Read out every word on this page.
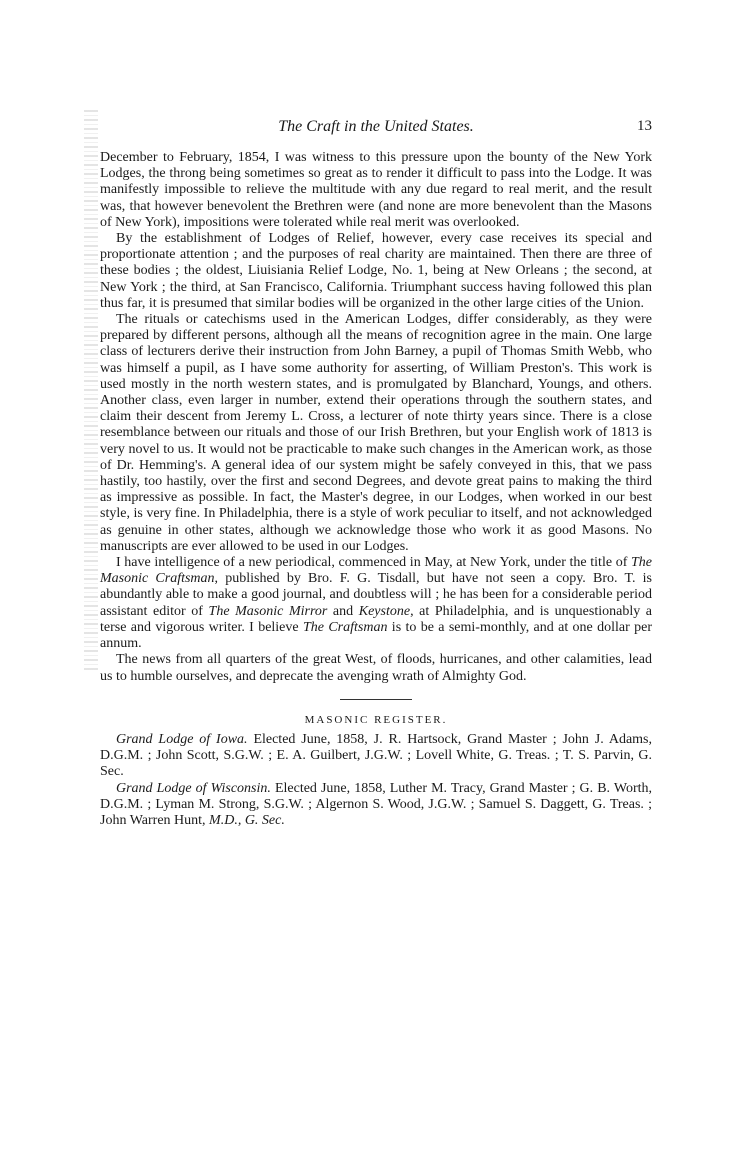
The Craft in the United States.	13

December to February, 1854, I was witness to this pressure upon the bounty of the New York Lodges, the throng being sometimes so great as to render it difficult to pass into the Lodge. It was manifestly impossible to relieve the multitude with any due regard to real merit, and the result was, that however benevolent the Brethren were (and none are more benevolent than the Masons of New York), impositions were tolerated while real merit was overlooked.

By the establishment of Lodges of Relief, however, every case receives its special and proportionate attention ; and the purposes of real charity are maintained. Then there are three of these bodies ; the oldest, Liuisiania Relief Lodge, No. 1, being at New Orleans ; the second, at New York ; the third, at San Francisco, California. Triumphant success having followed this plan thus far, it is presumed that similar bodies will be organized in the other large cities of the Union.

The rituals or catechisms used in the American Lodges, differ considerably, as they were prepared by different persons, although all the means of recognition agree in the main. One large class of lecturers derive their instruction from John Barney, a pupil of Thomas Smith Webb, who was himself a pupil, as I have some authority for asserting, of William Preston's. This work is used mostly in the north western states, and is promulgated by Blanchard, Youngs, and others. Another class, even larger in number, extend their operations through the southern states, and claim their descent from Jeremy L. Cross, a lecturer of note thirty years since. There is a close resemblance between our rituals and those of our Irish Brethren, but your English work of 1813 is very novel to us. It would not be practicable to make such changes in the American work, as those of Dr. Hemming's. A general idea of our system might be safely conveyed in this, that we pass hastily, too hastily, over the first and second Degrees, and devote great pains to making the third as impressive as possible. In fact, the Master's degree, in our Lodges, when worked in our best style, is very fine. In Philadelphia, there is a style of work peculiar to itself, and not acknowledged as genuine in other states, although we acknowledge those who work it as good Masons. No manuscripts are ever allowed to be used in our Lodges.

I have intelligence of a new periodical, commenced in May, at New York, under the title of The Masonic Craftsman, published by Bro. F. G. Tisdall, but have not seen a copy. Bro. T. is abundantly able to make a good journal, and doubtless will ; he has been for a considerable period assistant editor of The Masonic Mirror and Keystone, at Philadelphia, and is unquestionably a terse and vigorous writer. I believe The Craftsman is to be a semi-monthly, and at one dollar per annum.

The news from all quarters of the great West, of floods, hurricanes, and other calamities, lead us to humble ourselves, and deprecate the avenging wrath of Almighty God.

MASONIC REGISTER.

Grand Lodge of Iowa. Elected June, 1858, J. R. Hartsock, Grand Master ; John J. Adams, D.G.M. ; John Scott, S.G.W. ; E. A. Guilbert, J.G.W. ; Lovell White, G. Treas. ; T. S. Parvin, G. Sec.

Grand Lodge of Wisconsin. Elected June, 1858, Luther M. Tracy, Grand Master ; G. B. Worth, D.G.M. ; Lyman M. Strong, S.G.W. ; Algernon S. Wood, J.G.W. ; Samuel S. Daggett, G. Treas. ; John Warren Hunt, M.D., G. Sec.
